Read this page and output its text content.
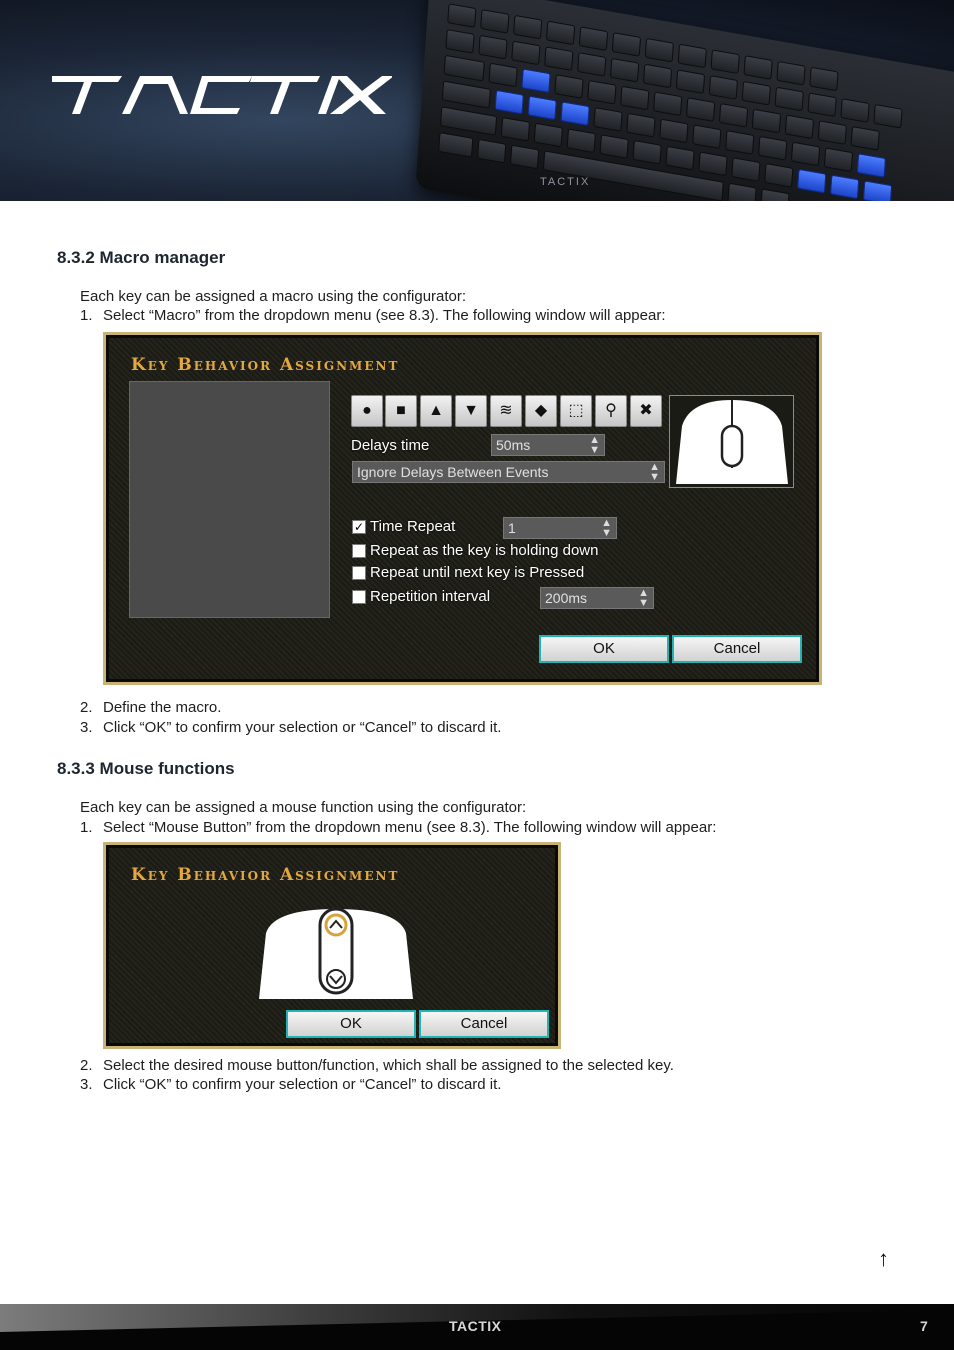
TACTIX
8.3.2 Macro manager
Each key can be assigned a macro using the configurator:
1. Select “Macro” from the dropdown menu (see 8.3). The following window will appear:
Key Behavior Assignment
●	■	▲	▼	≋	◆	⬚	⚲	✖
Delays time	50ms	▲
▼
Ignore Delays Between Events	▲
▼
✓ Time Repeat	1	▲
▼
Repeat as the key is holding down
Repeat until next key is Pressed
Repetition interval	200ms	▲
▼
OK	Cancel
2. Define the macro.
3. Click “OK” to confirm your selection or “Cancel” to discard it.
8.3.3 Mouse functions
Each key can be assigned a mouse function using the configurator:
1. Select “Mouse Button” from the dropdown menu (see 8.3). The following window will appear:
Key Behavior Assignment
OK	Cancel
2. Select the desired mouse button/function, which shall be assigned to the selected key.
3. Click “OK” to confirm your selection or “Cancel” to discard it.
↑
TACTIX	7
